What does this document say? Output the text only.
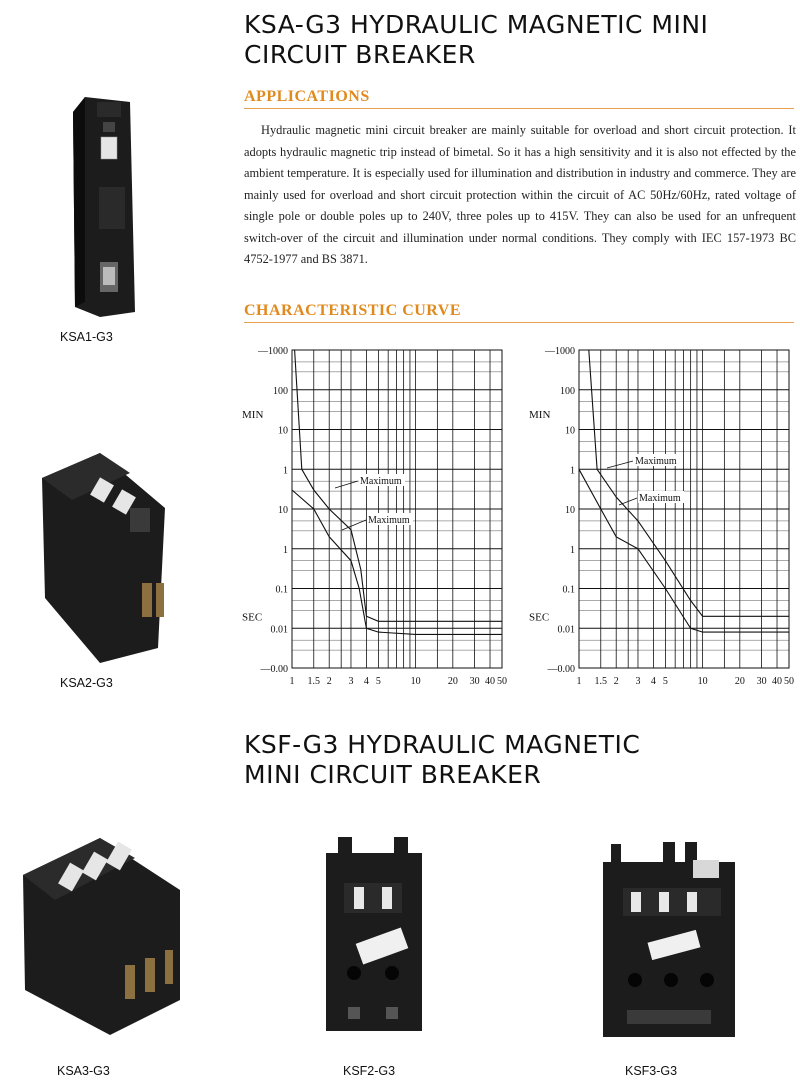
KSA-G3 HYDRAULIC MAGNETIC MINI
CIRCUIT BREAKER
APPLICATIONS

Hydraulic magnetic mini circuit breaker are mainly suitable for overload and short circuit protection. It adopts hydraulic magnetic trip instead of bimetal. So it has a high sensitivity and it is also not effected by the ambient temperature. It is especially used for illumination and distribution in industry and commerce. They are mainly used for overload and short circuit protection within the circuit of AC 50Hz/60Hz, rated voltage of single pole or double poles up to 240V, three poles up to 415V. They can also be used for an unfrequent switch-over of the circuit and illumination under normal conditions. They comply with IEC 157-1973 BC 4752-1977 and BS 3871.

CHARACTERISTIC CURVE
KSA1-G3
KSA2-G3
—1000
100
10
1
10
1
0.1
0.01
—0.00
MIN
SEC
1 1.5 2 3 4 5	10	20 30 40 50
Maximum
Maximum
—1000
100
10
1
10
1
0.1
0.01
—0.00
MIN
SEC
1 1.5 2 3 4 5	10	20 30 40 50
Maximum
Maximum
KSF-G3 HYDRAULIC MAGNETIC
MINI CIRCUIT BREAKER
KSA3-G3	KSF2-G3	KSF3-G3
